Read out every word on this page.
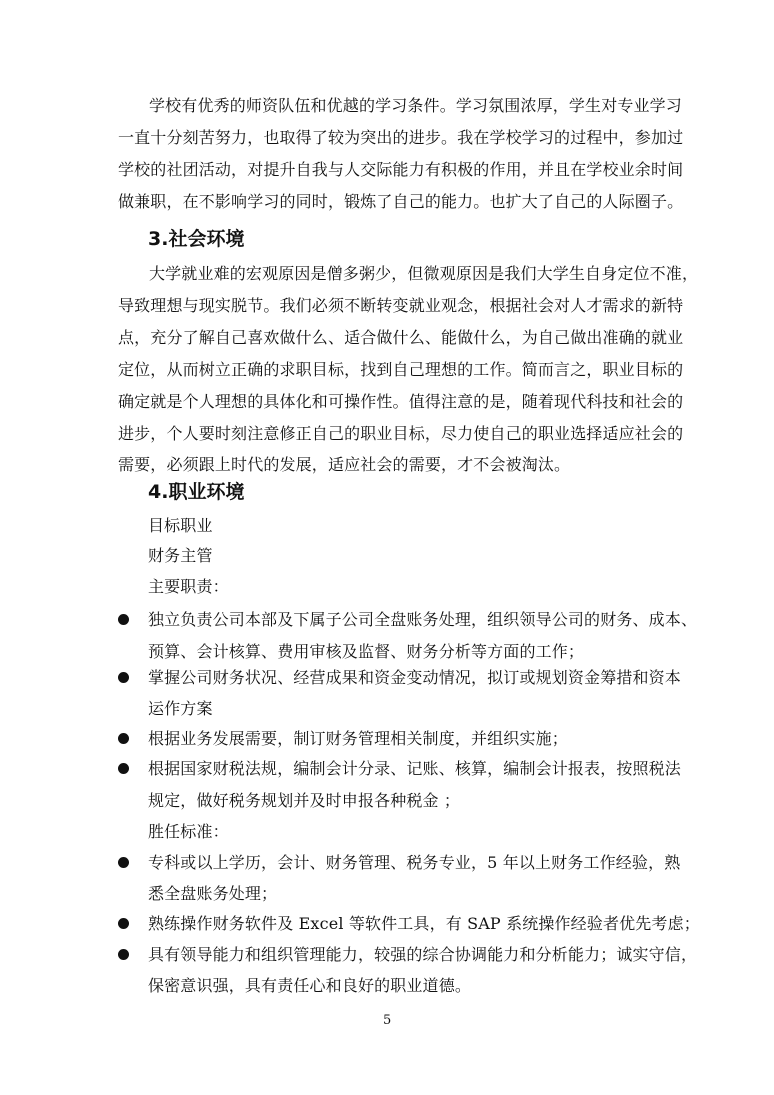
学校有优秀的师资队伍和优越的学习条件。学习氛围浓厚，学生对专业学习
一直十分刻苦努力，也取得了较为突出的进步。我在学校学习的过程中，参加过
学校的社团活动，对提升自我与人交际能力有积极的作用，并且在学校业余时间
做兼职，在不影响学习的同时，锻炼了自己的能力。也扩大了自己的人际圈子。
3.社会环境
大学就业难的宏观原因是僧多粥少，但微观原因是我们大学生自身定位不准，
导致理想与现实脱节。我们必须不断转变就业观念，根据社会对人才需求的新特
点，充分了解自己喜欢做什么、适合做什么、能做什么，为自己做出准确的就业
定位，从而树立正确的求职目标，找到自己理想的工作。简而言之，职业目标的
确定就是个人理想的具体化和可操作性。值得注意的是，随着现代科技和社会的
进步，个人要时刻注意修正自己的职业目标，尽力使自己的职业选择适应社会的
需要，必须跟上时代的发展，适应社会的需要，才不会被淘汰。
4.职业环境
目标职业
财务主管
主要职责：
独立负责公司本部及下属子公司全盘账务处理，组织领导公司的财务、成本、
预算、会计核算、费用审核及监督、财务分析等方面的工作；
掌握公司财务状况、经营成果和资金变动情况，拟订或规划资金筹措和资本
运作方案
根据业务发展需要，制订财务管理相关制度，并组织实施；
根据国家财税法规，编制会计分录、记账、核算，编制会计报表，按照税法
规定，做好税务规划并及时申报各种税金 ；
胜任标准：
专科或以上学历，会计、财务管理、税务专业，5 年以上财务工作经验，熟
悉全盘账务处理；
熟练操作财务软件及 Excel 等软件工具，有 SAP 系统操作经验者优先考虑；
具有领导能力和组织管理能力，较强的综合协调能力和分析能力；诚实守信，
保密意识强，具有责任心和良好的职业道德。
5
